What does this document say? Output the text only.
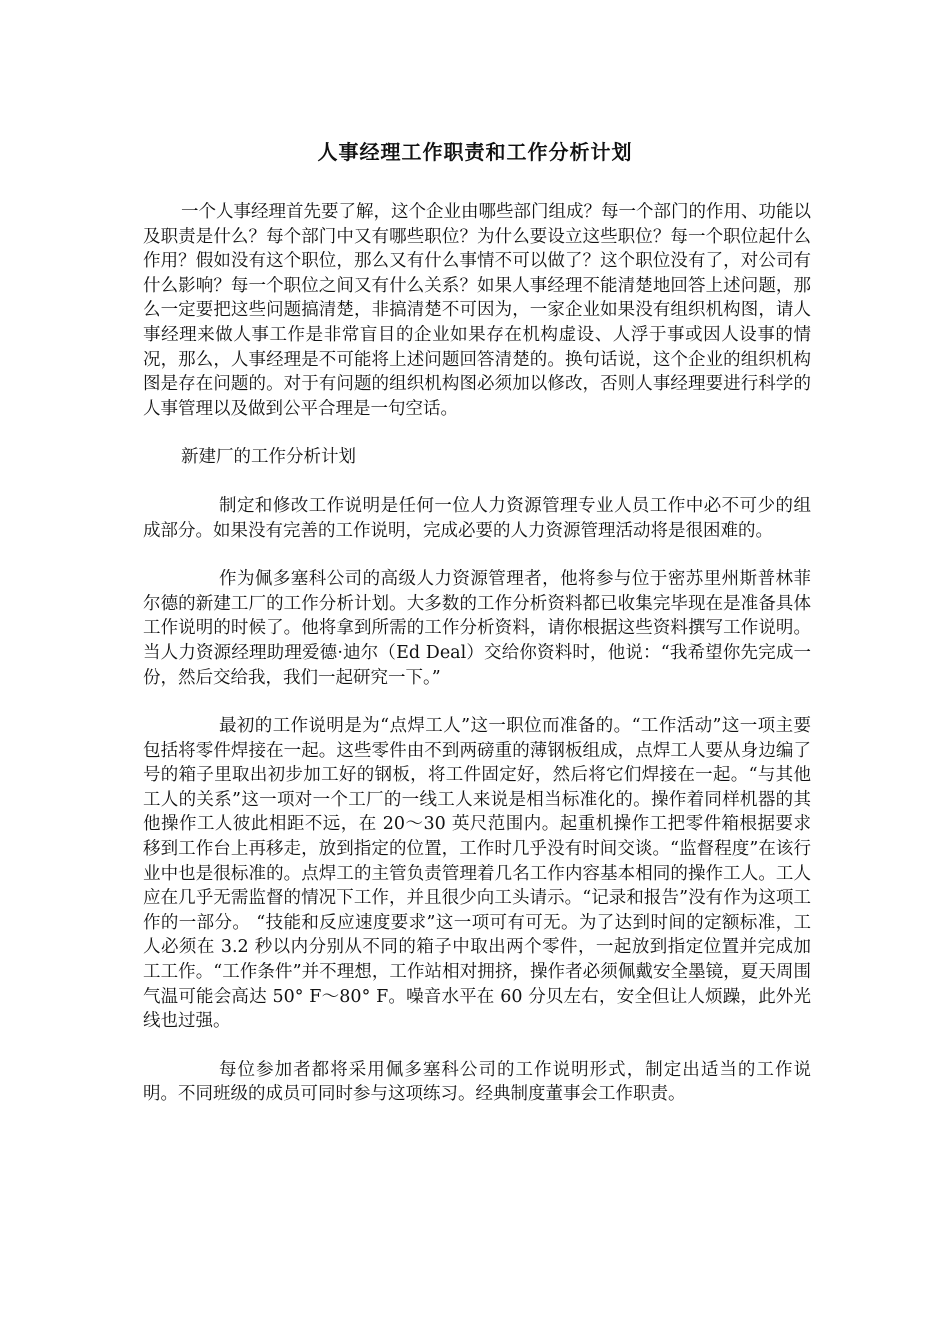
人事经理工作职责和工作分析计划

一个人事经理首先要了解，这个企业由哪些部门组成？每一个部门的作用、功能以及职责是什么？每个部门中又有哪些职位？为什么要设立这些职位？每一个职位起什么作用？假如没有这个职位，那么又有什么事情不可以做了？这个职位没有了，对公司有什么影响？每一个职位之间又有什么关系？如果人事经理不能清楚地回答上述问题，那么一定要把这些问题搞清楚，非搞清楚不可因为，一家企业如果没有组织机构图，请人事经理来做人事工作是非常盲目的企业如果存在机构虚设、人浮于事或因人设事的情况，那么，人事经理是不可能将上述问题回答清楚的。换句话说，这个企业的组织机构图是存在问题的。对于有问题的组织机构图必须加以修改，否则人事经理要进行科学的人事管理以及做到公平合理是一句空话。

新建厂的工作分析计划

制定和修改工作说明是任何一位人力资源管理专业人员工作中必不可少的组成部分。如果没有完善的工作说明，完成必要的人力资源管理活动将是很困难的。

作为佩多塞科公司的高级人力资源管理者，他将参与位于密苏里州斯普林菲尔德的新建工厂的工作分析计划。大多数的工作分析资料都已收集完毕现在是准备具体工作说明的时候了。他将拿到所需的工作分析资料，请你根据这些资料撰写工作说明。当人力资源经理助理爱德·迪尔（Ed Deal）交给你资料时，他说：“我希望你先完成一份，然后交给我，我们一起研究一下。”

最初的工作说明是为“点焊工人”这一职位而准备的。“工作活动”这一项主要包括将零件焊接在一起。这些零件由不到两磅重的薄钢板组成，点焊工人要从身边编了号的箱子里取出初步加工好的钢板，将工件固定好，然后将它们焊接在一起。“与其他工人的关系”这一项对一个工厂的一线工人来说是相当标准化的。操作着同样机器的其他操作工人彼此相距不远，在 20～30 英尺范围内。起重机操作工把零件箱根据要求移到工作台上再移走，放到指定的位置，工作时几乎没有时间交谈。“监督程度”在该行业中也是很标准的。点焊工的主管负责管理着几名工作内容基本相同的操作工人。工人应在几乎无需监督的情况下工作，并且很少向工头请示。“记录和报告”没有作为这项工作的一部分。 “技能和反应速度要求”这一项可有可无。为了达到时间的定额标准，工人必须在 3.2 秒以内分别从不同的箱子中取出两个零件，一起放到指定位置并完成加工工作。“工作条件”并不理想，工作站相对拥挤，操作者必须佩戴安全墨镜，夏天周围气温可能会高达 50° F～80° F。噪音水平在 60 分贝左右，安全但让人烦躁，此外光线也过强。

每位参加者都将采用佩多塞科公司的工作说明形式，制定出适当的工作说明。不同班级的成员可同时参与这项练习。经典制度董事会工作职责。
